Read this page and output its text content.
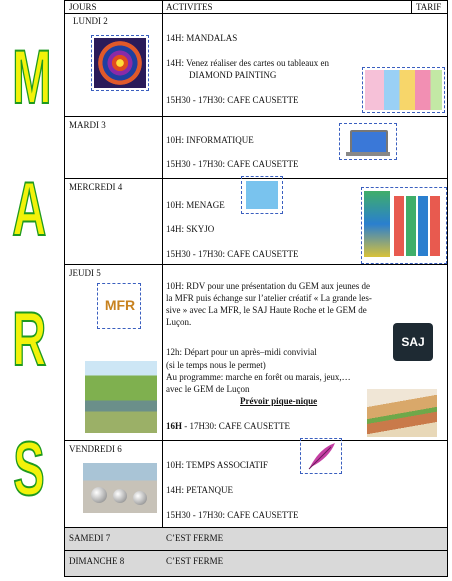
M
A
R
S
JOURS	ACTIVITES	TARIF
LUNDI 2
14H: MANDALAS
14H: Venez réaliser des cartes ou tableaux en
DIAMOND PAINTING
15H30 - 17H30: CAFE CAUSETTE
MARDI 3
10H: INFORMATIQUE
15H30 - 17H30: CAFE CAUSETTE
MERCREDI 4
10H: MENAGE
14H: SKYJO
15H30 - 17H30: CAFE CAUSETTE
JEUDI 5
MFR
10H: RDV pour une présentation du GEM aux jeunes de
la MFR puis échange sur l’atelier créatif « La grande les-
sive » avec La MFR, le SAJ Haute Roche et le GEM de
Luçon.
12h: Départ pour un après–midi convivial
(si le temps nous le permet)
Au programme: marche en forêt ou marais, jeux,…
avec le GEM de Luçon
Prévoir pique-nique
16H - 17H30: CAFE CAUSETTE
SAJ
VENDREDI 6
10H: TEMPS ASSOCIATIF
14H: PETANQUE
15H30 - 17H30: CAFE CAUSETTE
SAMEDI 7	C’EST FERME
DIMANCHE 8	C’EST FERME
